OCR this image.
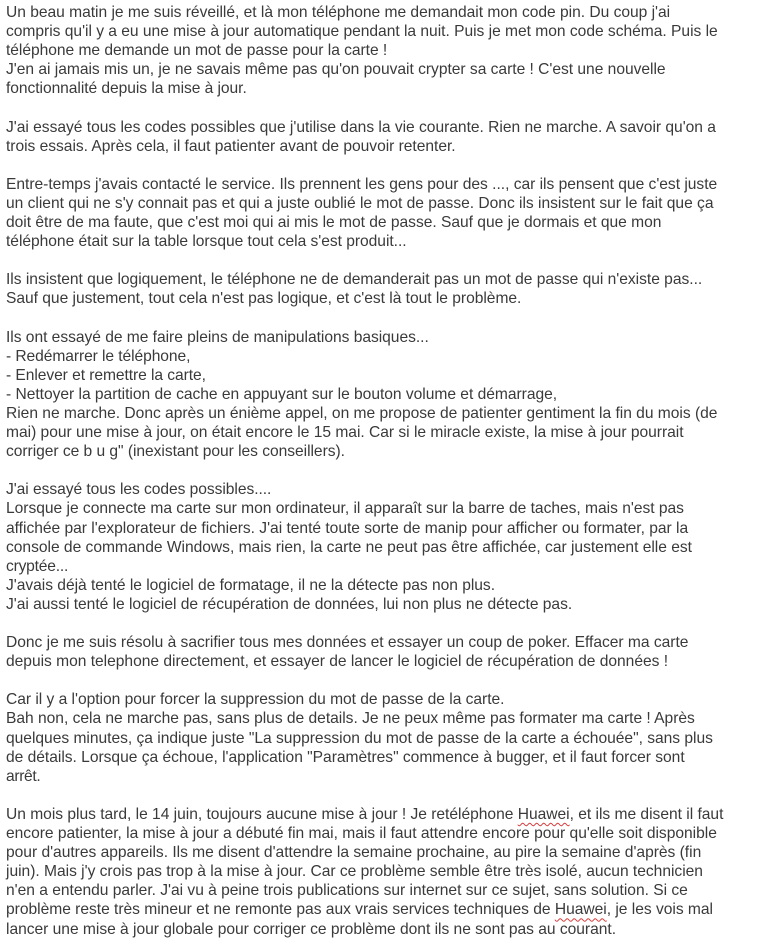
Un beau matin je me suis réveillé, et là mon téléphone me demandait mon code pin. Du coup j'ai
compris qu'il y a eu une mise à jour automatique pendant la nuit. Puis je met mon code schéma. Puis le
téléphone me demande un mot de passe pour la carte !
J'en ai jamais mis un, je ne savais même pas qu'on pouvait crypter sa carte ! C'est une nouvelle
fonctionnalité depuis la mise à jour.
J'ai essayé tous les codes possibles que j'utilise dans la vie courante. Rien ne marche. A savoir qu'on a
trois essais. Après cela, il faut patienter avant de pouvoir retenter.
Entre-temps j'avais contacté le service. Ils prennent les gens pour des ..., car ils pensent que c'est juste
un client qui ne s'y connait pas et qui a juste oublié le mot de passe. Donc ils insistent sur le fait que ça
doit être de ma faute, que c'est moi qui ai mis le mot de passe. Sauf que je dormais et que mon
téléphone était sur la table lorsque tout cela s'est produit...
Ils insistent que logiquement, le téléphone ne de demanderait pas un mot de passe qui n'existe pas...
Sauf que justement, tout cela n'est pas logique, et c'est là tout le problème.
Ils ont essayé de me faire pleins de manipulations basiques...
- Redémarrer le téléphone,
- Enlever et remettre la carte,
- Nettoyer la partition de cache en appuyant sur le bouton volume et démarrage,
Rien ne marche. Donc après un énième appel, on me propose de patienter gentiment la fin du mois (de
mai) pour une mise à jour, on était encore le 15 mai. Car si le miracle existe, la mise à jour pourrait
corriger ce b u g" (inexistant pour les conseillers).
J'ai essayé tous les codes possibles....
Lorsque je connecte ma carte sur mon ordinateur, il apparaît sur la barre de taches, mais n'est pas
affichée par l'explorateur de fichiers. J'ai tenté toute sorte de manip pour afficher ou formater, par la
console de commande Windows, mais rien, la carte ne peut pas être affichée, car justement elle est
cryptée...
J'avais déjà tenté le logiciel de formatage, il ne la détecte pas non plus.
J'ai aussi tenté le logiciel de récupération de données, lui non plus ne détecte pas.
Donc je me suis résolu à sacrifier tous mes données et essayer un coup de poker. Effacer ma carte
depuis mon telephone directement, et essayer de lancer le logiciel de récupération de données !
Car il y a l'option pour forcer la suppression du mot de passe de la carte.
Bah non, cela ne marche pas, sans plus de details. Je ne peux même pas formater ma carte ! Après
quelques minutes, ça indique juste "La suppression du mot de passe de la carte a échouée", sans plus
de détails. Lorsque ça échoue, l'application "Paramètres" commence à bugger, et il faut forcer sont
arrêt.
Un mois plus tard, le 14 juin, toujours aucune mise à jour ! Je retéléphone Huawei, et ils me disent il faut
encore patienter, la mise à jour a débuté fin mai, mais il faut attendre encore pour qu'elle soit disponible
pour d'autres appareils. Ils me disent d'attendre la semaine prochaine, au pire la semaine d'après (fin
juin). Mais j'y crois pas trop à la mise à jour. Car ce problème semble être très isolé, aucun technicien
n'en a entendu parler. J'ai vu à peine trois publications sur internet sur ce sujet, sans solution. Si ce
problème reste très mineur et ne remonte pas aux vrais services techniques de Huawei, je les vois mal
lancer une mise à jour globale pour corriger ce problème dont ils ne sont pas au courant.
